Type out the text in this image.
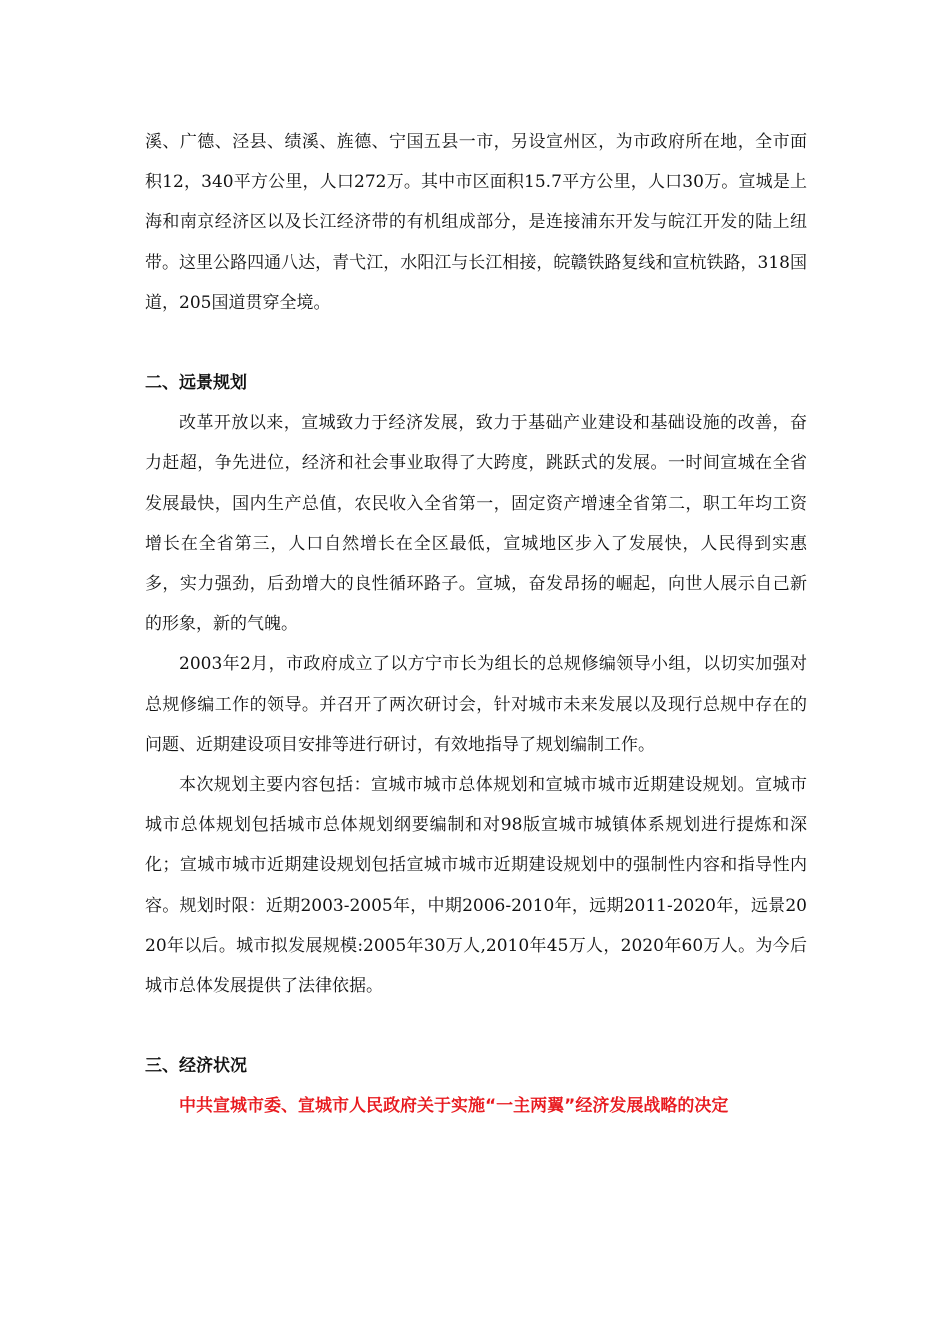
溪、广德、泾县、绩溪、旌德、宁国五县一市，另设宣州区，为市政府所在地，全市面积12，340平方公里，人口272万。其中市区面积15.7平方公里，人口30万。宣城是上海和南京经济区以及长江经济带的有机组成部分，是连接浦东开发与皖江开发的陆上纽带。这里公路四通八达，青弋江，水阳江与长江相接，皖赣铁路复线和宣杭铁路，318国道，205国道贯穿全境。

二、远景规划

改革开放以来，宣城致力于经济发展，致力于基础产业建设和基础设施的改善，奋力赶超，争先进位，经济和社会事业取得了大跨度，跳跃式的发展。一时间宣城在全省发展最快，国内生产总值，农民收入全省第一，固定资产增速全省第二，职工年均工资增长在全省第三，人口自然增长在全区最低，宣城地区步入了发展快，人民得到实惠多，实力强劲，后劲增大的良性循环路子。宣城，奋发昂扬的崛起，向世人展示自己新的形象，新的气魄。

2003年2月，市政府成立了以方宁市长为组长的总规修编领导小组，以切实加强对总规修编工作的领导。并召开了两次研讨会，针对城市未来发展以及现行总规中存在的问题、近期建设项目安排等进行研讨，有效地指导了规划编制工作。

本次规划主要内容包括：宣城市城市总体规划和宣城市城市近期建设规划。宣城市城市总体规划包括城市总体规划纲要编制和对98版宣城市城镇体系规划进行提炼和深化；宣城市城市近期建设规划包括宣城市城市近期建设规划中的强制性内容和指导性内容。规划时限：近期2003-2005年，中期2006-2010年，远期2011-2020年，远景2020年以后。城市拟发展规模:2005年30万人,2010年45万人，2020年60万人。为今后城市总体发展提供了法律依据。

三、经济状况

中共宣城市委、宣城市人民政府关于实施“一主两翼”经济发展战略的决定
